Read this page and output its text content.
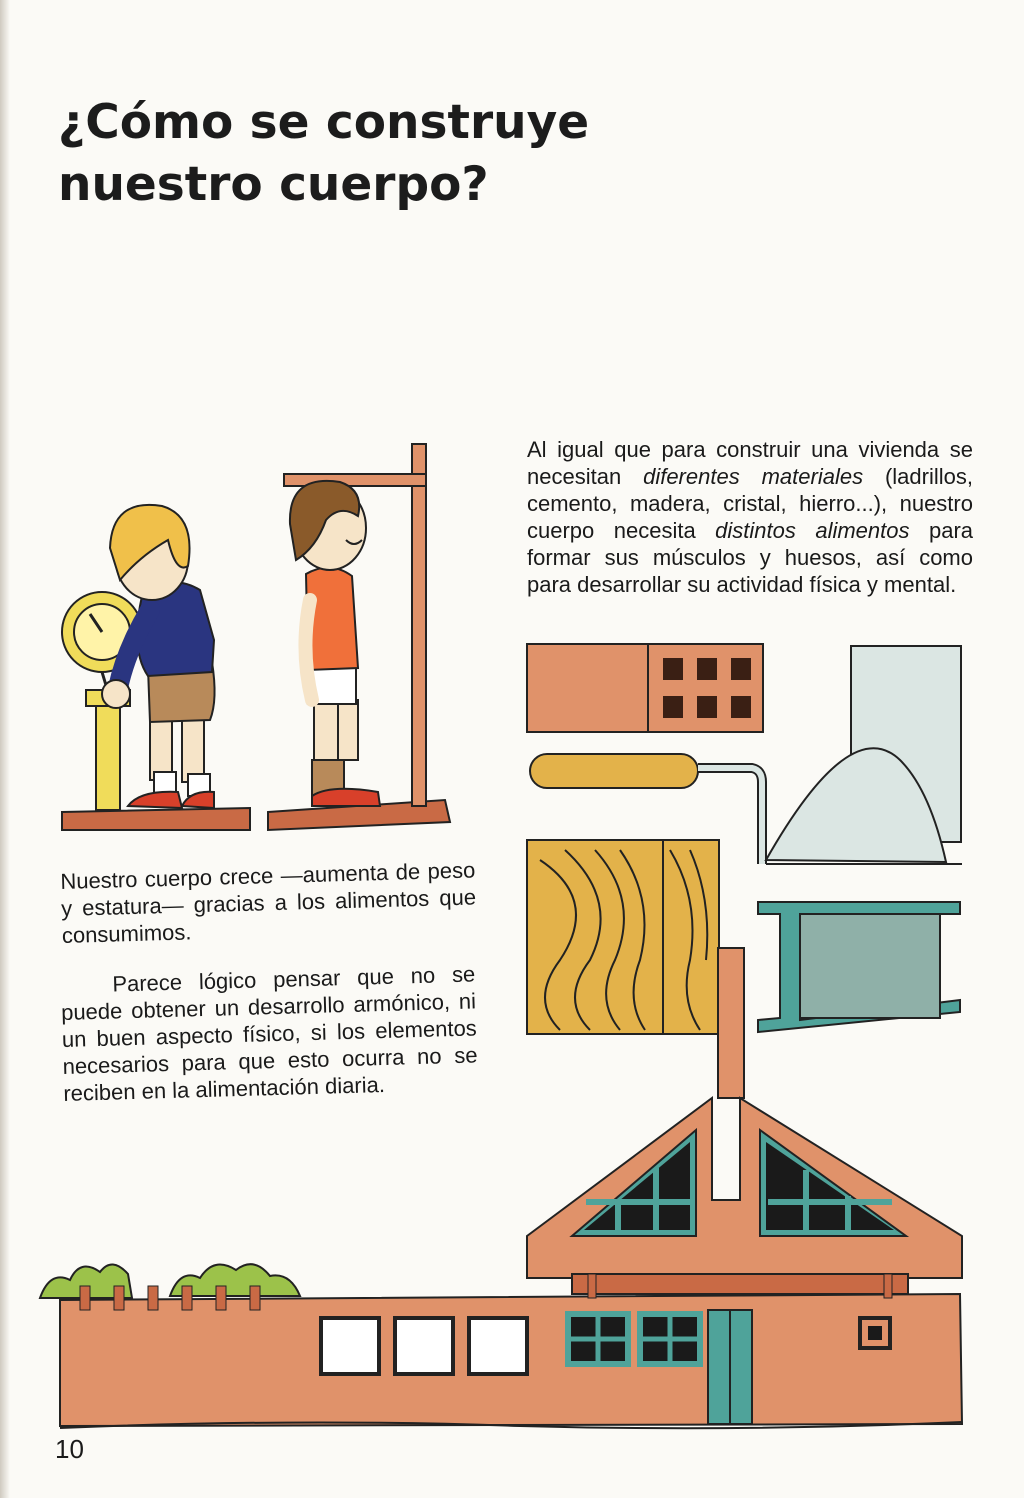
¿Cómo se construye
nuestro cuerpo?

Al igual que para construir una vivienda se necesitan diferentes materiales (ladrillos, cemento, madera, cristal, hierro...), nuestro cuerpo necesita distintos alimentos para formar sus músculos y huesos, así como para desarrollar su actividad física y mental.

Nuestro cuerpo crece —aumenta de peso y estatura— gracias a los alimentos que consumimos.

Parece lógico pensar que no se puede obtener un desarrollo armónico, ni un buen aspecto físico, si los elementos necesarios para que esto ocurra no se reciben en la alimentación diaria.

10
